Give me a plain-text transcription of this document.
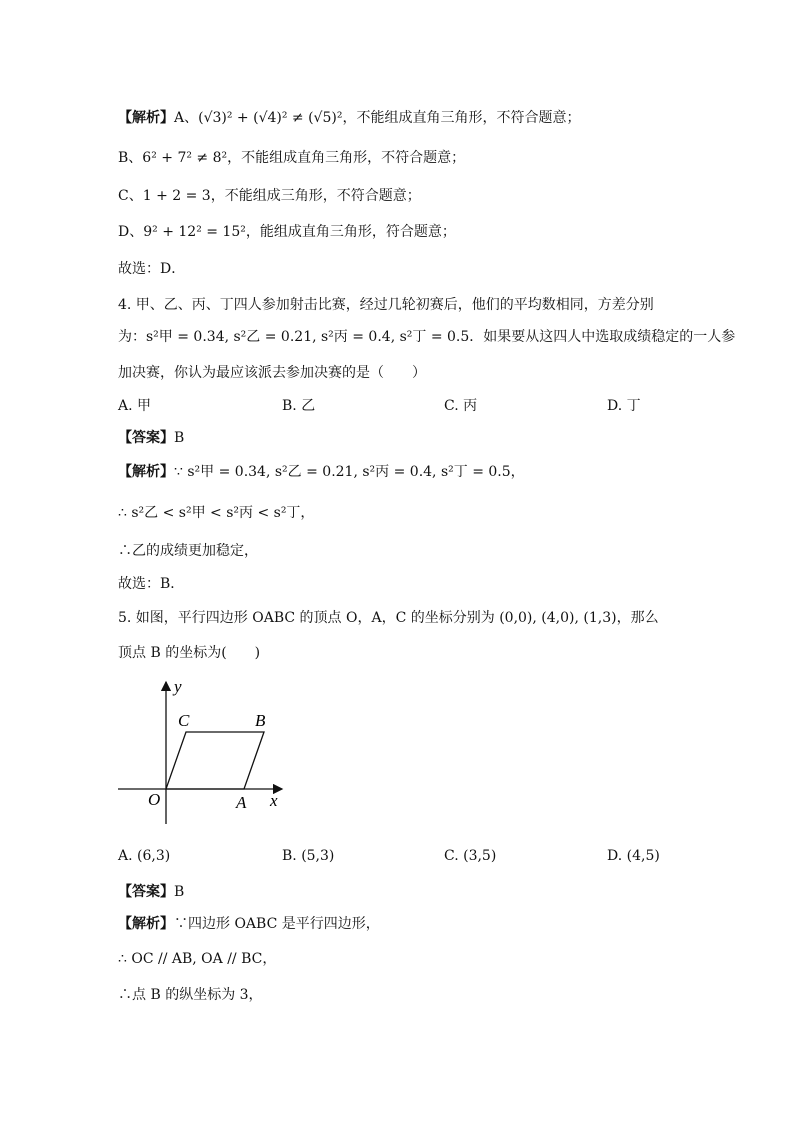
【解析】A、(√3)² + (√4)² ≠ (√5)²，不能组成直角三角形，不符合题意；
B、6² + 7² ≠ 8²，不能组成直角三角形，不符合题意；
C、1 + 2 = 3，不能组成三角形，不符合题意；
D、9² + 12² = 15²，能组成直角三角形，符合题意；
故选：D．
4. 甲、乙、丙、丁四人参加射击比赛，经过几轮初赛后，他们的平均数相同，方差分别
为：s²甲 = 0.34, s²乙 = 0.21, s²丙 = 0.4, s²丁 = 0.5．如果要从这四人中选取成绩稳定的一人参
加决赛，你认为最应该派去参加决赛的是（　　）
A. 甲	B. 乙	C. 丙	D. 丁
【答案】B
【解析】∵ s²甲 = 0.34, s²乙 = 0.21, s²丙 = 0.4, s²丁 = 0.5，
∴ s²乙 < s²甲 < s²丙 < s²丁，
∴乙的成绩更加稳定，
故选：B．
5. 如图，平行四边形 OABC 的顶点 O，A，C 的坐标分别为 (0,0), (4,0), (1,3)，那么
顶点 B 的坐标为(　　)
y
x
O	A
B
C
A. (6,3)	B. (5,3)	C. (3,5)	D. (4,5)
【答案】B
【解析】∵四边形 OABC 是平行四边形，
∴ OC // AB, OA // BC，
∴点 B 的纵坐标为 3，
